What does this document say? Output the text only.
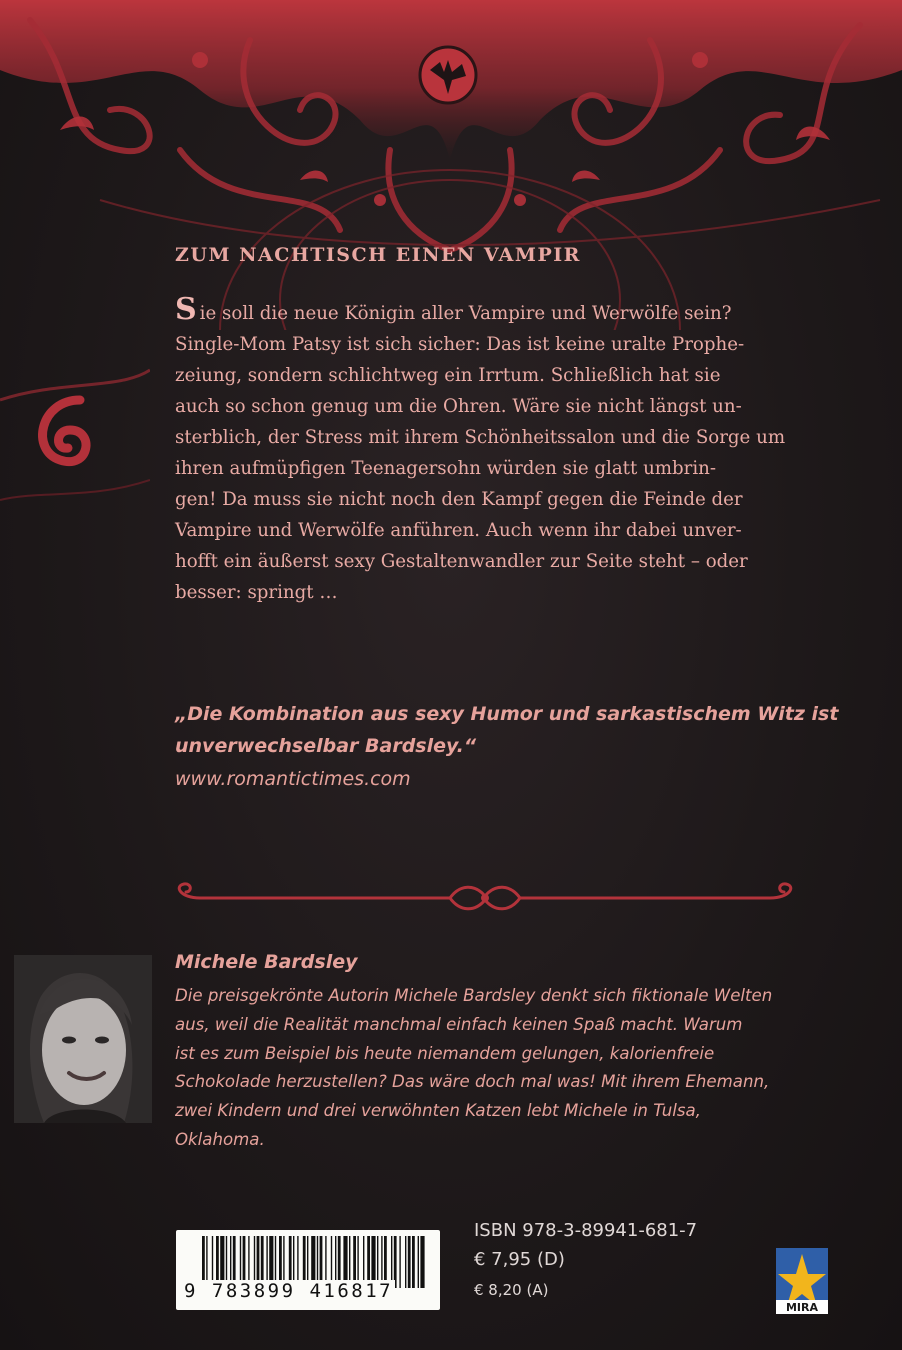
ZUM NACHTISCH EINEN VAMPIR
Sie soll die neue Königin aller Vampire und Werwölfe sein?
Single-Mom Patsy ist sich sicher: Das ist keine uralte Prophe-
zeiung, sondern schlichtweg ein Irrtum. Schließlich hat sie
auch so schon genug um die Ohren. Wäre sie nicht längst un-
sterblich, der Stress mit ihrem Schönheitssalon und die Sorge um
ihren aufmüpfigen Teenagersohn würden sie glatt umbrin-
gen! Da muss sie nicht noch den Kampf gegen die Feinde der
Vampire und Werwölfe anführen. Auch wenn ihr dabei unver-
hofft ein äußerst sexy Gestaltenwandler zur Seite steht – oder
besser: springt …
„Die Kombination aus sexy Humor und sarkastischem Witz ist
unverwechselbar Bardsley.“
www.romantictimes.com
Michele Bardsley
Die preisgekrönte Autorin Michele Bardsley denkt sich fiktionale Welten
aus, weil die Realität manchmal einfach keinen Spaß macht. Warum
ist es zum Beispiel bis heute niemandem gelungen, kalorienfreie
Schokolade herzustellen? Das wäre doch mal was! Mit ihrem Ehemann,
zwei Kindern und drei verwöhnten Katzen lebt Michele in Tulsa,
Oklahoma.
9 783899 416817
ISBN 978-3-89941-681-7
€ 7,95 (D)
€ 8,20 (A)
MIRA
